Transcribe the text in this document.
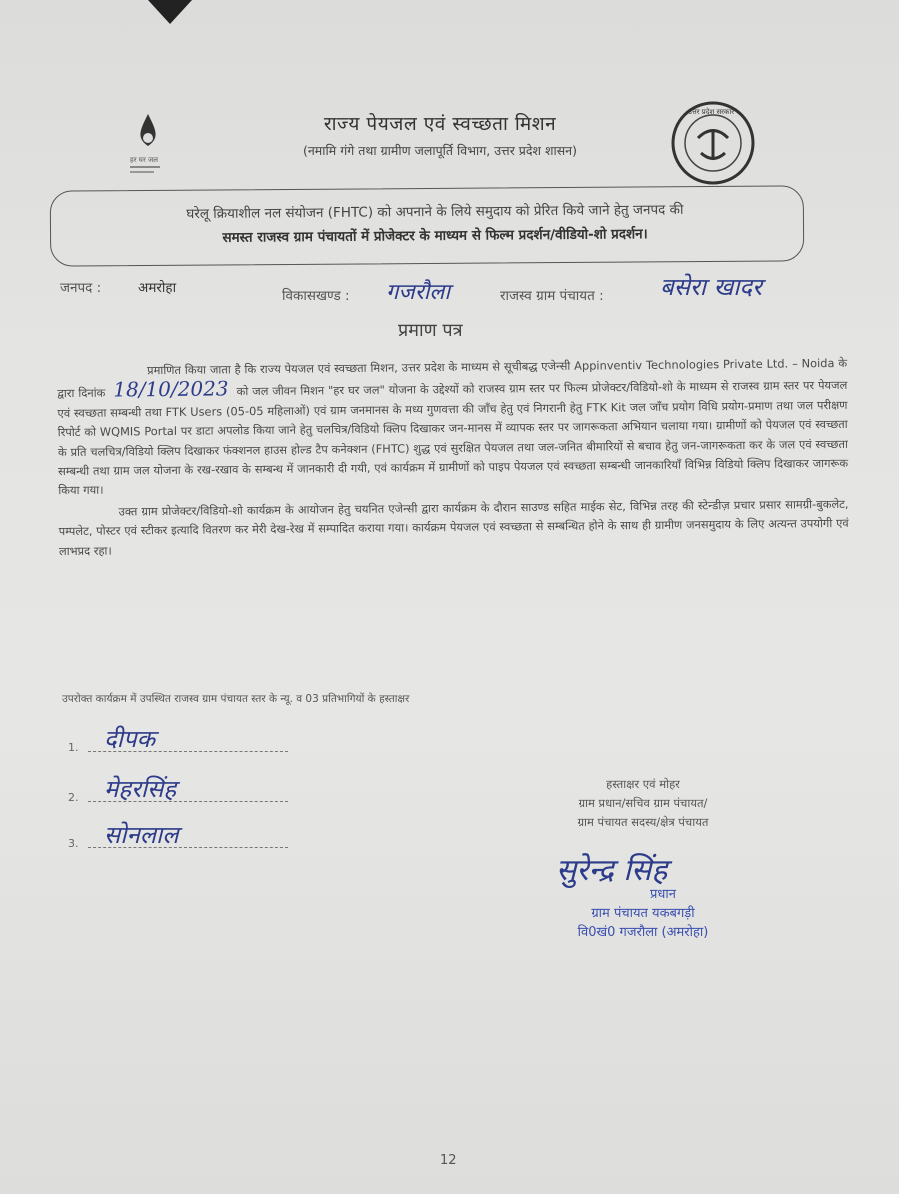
हर घर जल
राज्य पेयजल एवं स्वच्छता मिशन
(नमामि गंगे तथा ग्रामीण जलापूर्ति विभाग, उत्तर प्रदेश शासन)
उत्तर प्रदेश सरकार
घरेलू क्रियाशील नल संयोजन (FHTC) को अपनाने के लिये समुदाय को प्रेरित किये जाने हेतु जनपद की
समस्त राजस्व ग्राम पंचायतों में प्रोजेक्टर के माध्यम से फिल्म प्रदर्शन/वीडियो-शो प्रदर्शन।
जनपद :	अमरोहा	विकासखण्ड : गजरौला	राजस्व ग्राम पंचायत : बसेरा खादर
प्रमाण पत्र

प्रमाणित किया जाता है कि राज्य पेयजल एवं स्वच्छता मिशन, उत्तर प्रदेश के माध्यम से सूचीबद्ध एजेन्सी Appinventiv Technologies Private Ltd. – Noida के द्वारा दिनांक 18/10/2023 को जल जीवन मिशन "हर घर जल" योजना के उद्देश्यों को राजस्व ग्राम स्तर पर फिल्म प्रोजेक्टर/विडियो-शो के माध्यम से राजस्व ग्राम स्तर पर पेयजल एवं स्वच्छता सम्बन्धी तथा FTK Users (05-05 महिलाओं) एवं ग्राम जनमानस के मध्य गुणवत्ता की जाँच हेतु एवं निगरानी हेतु FTK Kit जल जाँच प्रयोग विधि प्रयोग-प्रमाण तथा जल परीक्षण रिपोर्ट को WQMIS Portal पर डाटा अपलोड किया जाने हेतु चलचित्र/विडियो क्लिप दिखाकर जन-मानस में व्यापक स्तर पर जागरूकता अभियान चलाया गया। ग्रामीणों को पेयजल एवं स्वच्छता के प्रति चलचित्र/विडियो क्लिप दिखाकर फंक्शनल हाउस होल्ड टैप कनेक्शन (FHTC) शुद्ध एवं सुरक्षित पेयजल तथा जल-जनित बीमारियों से बचाव हेतु जन-जागरूकता कर के जल एवं स्वच्छता सम्बन्धी तथा ग्राम जल योजना के रख-रखाव के सम्बन्ध में जानकारी दी गयी, एवं कार्यक्रम में ग्रामीणों को पाइप पेयजल एवं स्वच्छता सम्बन्धी जानकारियाँ विभिन्न विडियो क्लिप दिखाकर जागरूक किया गया।

उक्त ग्राम प्रोजेक्टर/विडियो-शो कार्यक्रम के आयोजन हेतु चयनित एजेन्सी द्वारा कार्यक्रम के दौरान साउण्ड सहित माईक सेट, विभिन्न तरह की स्टेन्डीज़ प्रचार प्रसार सामग्री-बुकलेट, पम्पलेट, पोस्टर एवं स्टीकर इत्यादि वितरण कर मेरी देख-रेख में सम्पादित कराया गया। कार्यक्रम पेयजल एवं स्वच्छता से सम्बन्धित होने के साथ ही ग्रामीण जनसमुदाय के लिए अत्यन्त उपयोगी एवं लाभप्रद रहा।

उपरोक्त कार्यक्रम में उपस्थित राजस्व ग्राम पंचायत स्तर के न्यू. व 03 प्रतिभागियों के हस्ताक्षर
1. दीपक
2. मेहरसिंह
3. सोनलाल
हस्ताक्षर एवं मोहर
ग्राम प्रधान/सचिव ग्राम पंचायत/
ग्राम पंचायत सदस्य/क्षेत्र पंचायत
सुरेन्द्र सिंह
प्रधान
ग्राम पंचायत यकबगड़ी
वि0खं0 गजरौला (अमरोहा)
12
